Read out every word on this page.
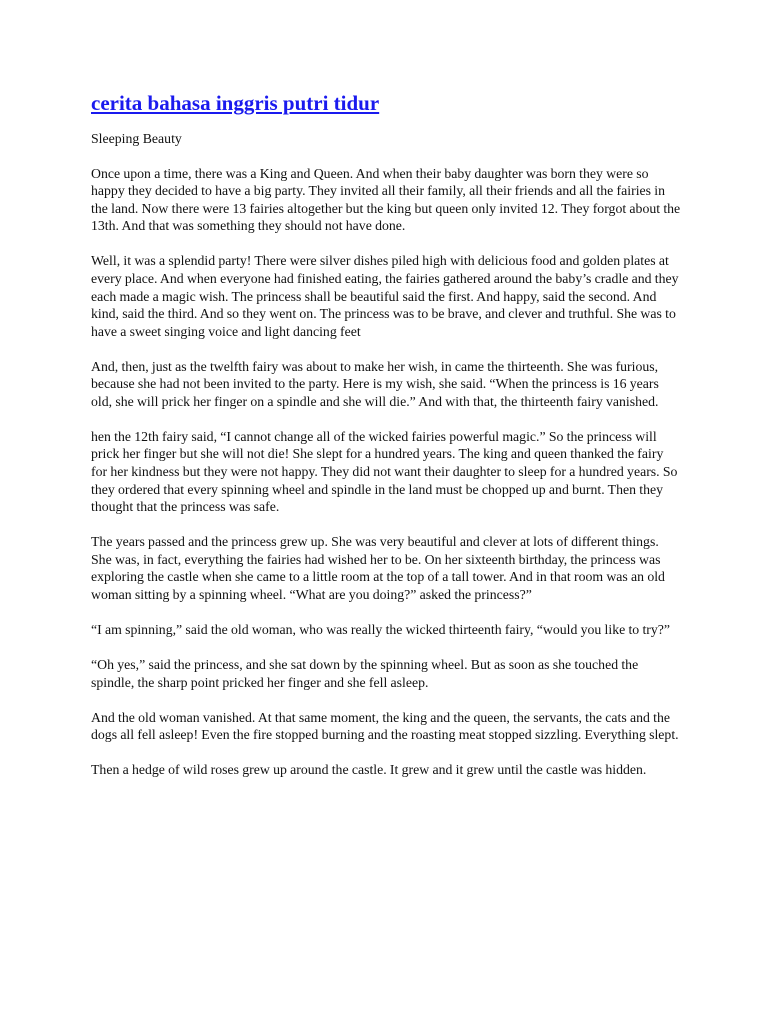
cerita bahasa inggris putri tidur

Sleeping Beauty

Once upon a time, there was a King and Queen. And when their baby daughter was born they were so happy they decided to have a big party. They invited all their family, all their friends and all the fairies in the land. Now there were 13 fairies altogether but the king but queen only invited 12. They forgot about the 13th. And that was something they should not have done.

Well, it was a splendid party! There were silver dishes piled high with delicious food and golden plates at every place. And when everyone had finished eating, the fairies gathered around the baby’s cradle and they each made a magic wish. The princess shall be beautiful said the first. And happy, said the second. And kind, said the third. And so they went on. The princess was to be brave, and clever and truthful. She was to have a sweet singing voice and light dancing feet

And, then, just as the twelfth fairy was about to make her wish, in came the thirteenth. She was furious, because she had not been invited to the party. Here is my wish, she said. “When the princess is 16 years old, she will prick her finger on a spindle and she will die.” And with that, the thirteenth fairy vanished.

hen the 12th fairy said, “I cannot change all of the wicked fairies powerful magic.” So the princess will prick her finger but she will not die! She slept for a hundred years. The king and queen thanked the fairy for her kindness but they were not happy. They did not want their daughter to sleep for a hundred years. So they ordered that every spinning wheel and spindle in the land must be chopped up and burnt. Then they thought that the princess was safe.

The years passed and the princess grew up. She was very beautiful and clever at lots of different things. She was, in fact, everything the fairies had wished her to be. On her sixteenth birthday, the princess was exploring the castle when she came to a little room at the top of a tall tower. And in that room was an old woman sitting by a spinning wheel. “What are you doing?” asked the princess?”

“I am spinning,” said the old woman, who was really the wicked thirteenth fairy, “would you like to try?”

“Oh yes,” said the princess, and she sat down by the spinning wheel. But as soon as she touched the spindle, the sharp point pricked her finger and she fell asleep.

And the old woman vanished. At that same moment, the king and the queen, the servants, the cats and the dogs all fell asleep! Even the fire stopped burning and the roasting meat stopped sizzling. Everything slept.

Then a hedge of wild roses grew up around the castle. It grew and it grew until the castle was hidden.
